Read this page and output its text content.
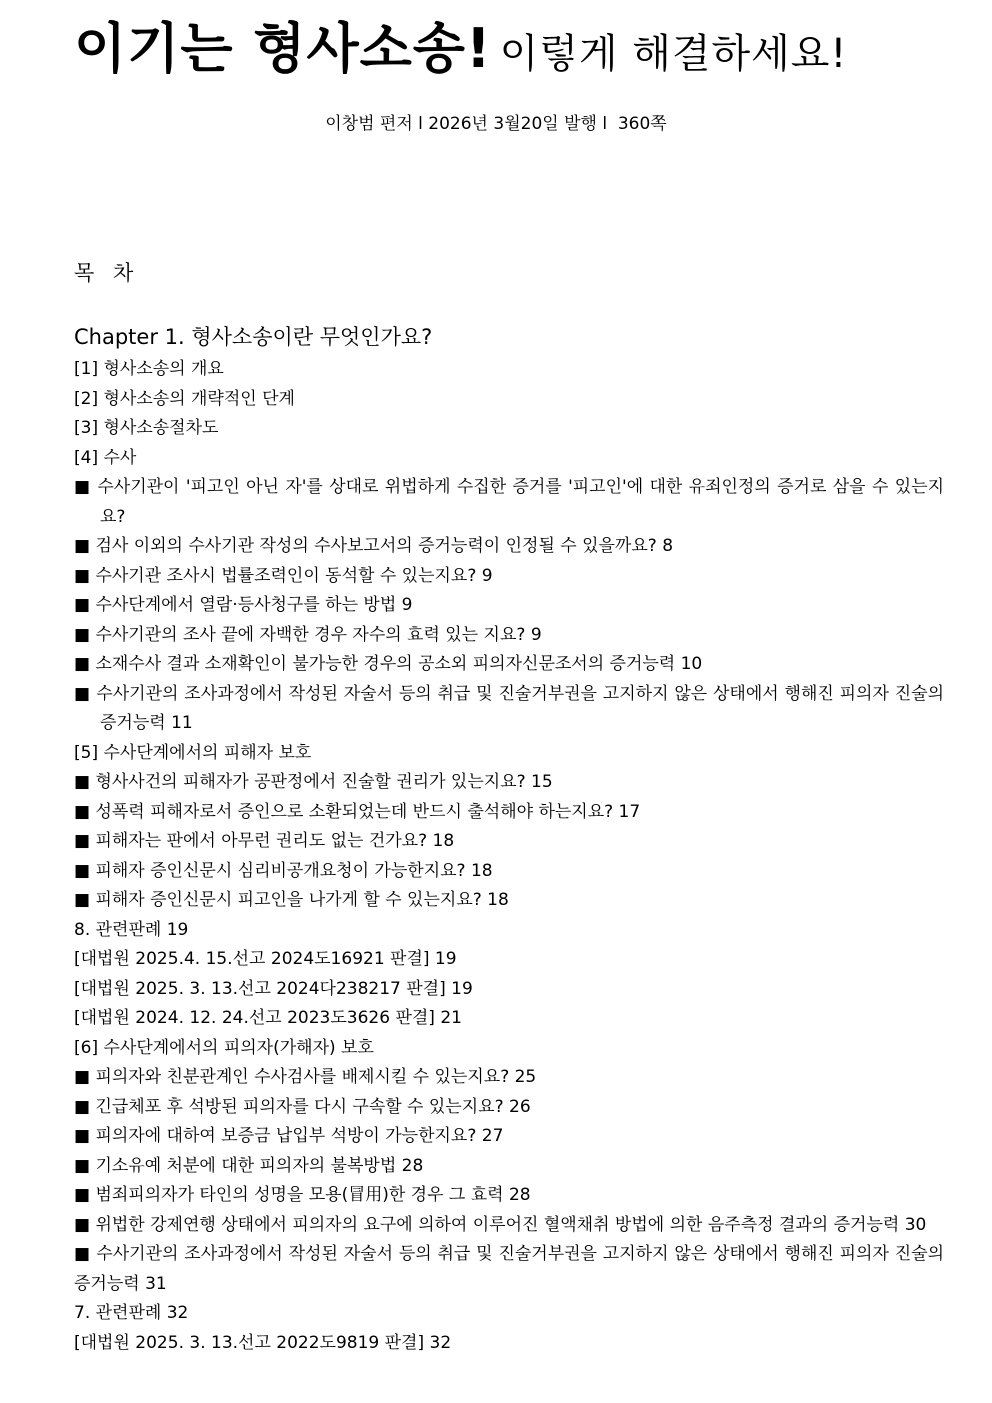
이기는 형사소송! 이렇게 해결하세요!
이창범 편저 l 2026년 3월20일 발행 l  360쪽
목 차
Chapter 1. 형사소송이란 무엇인가요?
[1] 형사소송의 개요
[2] 형사소송의 개략적인 단계
[3] 형사소송절차도
[4] 수사
■ 수사기관이 '피고인 아닌 자'를 상대로 위법하게 수집한 증거를 '피고인'에 대한 유죄인정의 증거로 삼을 수 있는지요?
■ 검사 이외의 수사기관 작성의 수사보고서의 증거능력이 인정될 수 있을까요? 8
■ 수사기관 조사시 법률조력인이 동석할 수 있는지요? 9
■ 수사단계에서 열람·등사청구를 하는 방법 9
■ 수사기관의 조사 끝에 자백한 경우 자수의 효력 있는 지요? 9
■ 소재수사 결과 소재확인이 불가능한 경우의 공소외 피의자신문조서의 증거능력 10
■ 수사기관의 조사과정에서 작성된 자술서 등의 취급 및 진술거부권을 고지하지 않은 상태에서 행해진 피의자 진술의 증거능력 11
[5] 수사단계에서의 피해자 보호
■ 형사사건의 피해자가 공판정에서 진술할 권리가 있는지요? 15
■ 성폭력 피해자로서 증인으로 소환되었는데 반드시 출석해야 하는지요? 17
■ 피해자는 판에서 아무런 권리도 없는 건가요? 18
■ 피해자 증인신문시 심리비공개요청이 가능한지요? 18
■ 피해자 증인신문시 피고인을 나가게 할 수 있는지요? 18
8. 관련판례 19
[대법원 2025.4. 15.선고 2024도16921 판결] 19
[대법원 2025. 3. 13.선고 2024다238217 판결] 19
[대법원 2024. 12. 24.선고 2023도3626 판결] 21
[6] 수사단계에서의 피의자(가해자) 보호
■ 피의자와 친분관계인 수사검사를 배제시킬 수 있는지요? 25
■ 긴급체포 후 석방된 피의자를 다시 구속할 수 있는지요? 26
■ 피의자에 대하여 보증금 납입부 석방이 가능한지요? 27
■ 기소유예 처분에 대한 피의자의 불복방법 28
■ 범죄피의자가 타인의 성명을 모용(冒用)한 경우 그 효력 28
■ 위법한 강제연행 상태에서 피의자의 요구에 의하여 이루어진 혈액채취 방법에 의한 음주측정 결과의 증거능력 30
■ 수사기관의 조사과정에서 작성된 자술서 등의 취급 및 진술거부권을 고지하지 않은 상태에서 행해진 피의자 진술의 증거능력 31
7. 관련판례 32
[대법원 2025. 3. 13.선고 2022도9819 판결] 32
